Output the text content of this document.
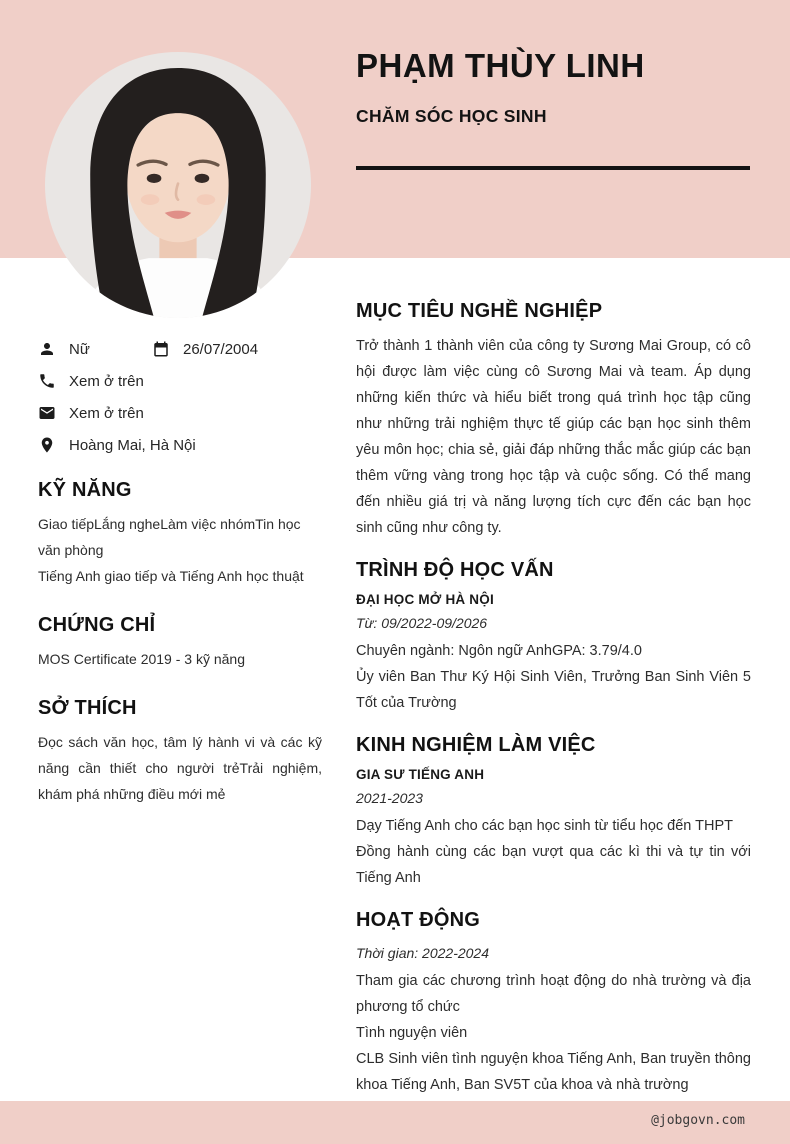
@jobgovn.com
PHẠM THÙY LINH
CHĂM SÓC HỌC SINH
Nữ	26/07/2004
Xem ở trên
Xem ở trên
Hoàng Mai, Hà Nội
KỸ NĂNG

Giao tiếpLắng ngheLàm việc nhómTin học văn phòng

Tiếng Anh giao tiếp và Tiếng Anh học thuật

CHỨNG CHỈ

MOS Certificate 2019 - 3 kỹ năng

SỞ THÍCH

Đọc sách văn học, tâm lý hành vi và các kỹ năng cần thiết cho người trẻTrải nghiệm, khám phá những điều mới mẻ

MỤC TIÊU NGHỀ NGHIỆP

Trở thành 1 thành viên của công ty Sương Mai Group, có cô hội được làm việc cùng cô Sương Mai và team. Áp dụng những kiến thức và hiểu biết trong quá trình học tập cũng như những trải nghiệm thực tế giúp các bạn học sinh thêm yêu môn học; chia sẻ, giải đáp những thắc mắc giúp các bạn thêm vững vàng trong học tập và cuộc sống. Có thể mang đến nhiều giá trị và năng lượng tích cực đến các bạn học sinh cũng như công ty.

TRÌNH ĐỘ HỌC VẤN
ĐẠI HỌC MỞ HÀ NỘI
Từ: 09/2022-09/2026

Chuyên ngành: Ngôn ngữ AnhGPA: 3.79/4.0

Ủy viên Ban Thư Ký Hội Sinh Viên, Trưởng Ban Sinh Viên 5 Tốt của Trường

KINH NGHIỆM LÀM VIỆC
GIA SƯ TIẾNG ANH
2021-2023

Dạy Tiếng Anh cho các bạn học sinh từ tiểu học đến THPT

Đồng hành cùng các bạn vượt qua các kì thi và tự tin với Tiếng Anh

HOẠT ĐỘNG
Thời gian: 2022-2024

Tham gia các chương trình hoạt động do nhà trường và địa phương tổ chức

Tình nguyện viên

CLB Sinh viên tình nguyện khoa Tiếng Anh, Ban truyền thông khoa Tiếng Anh, Ban SV5T của khoa và nhà trường
